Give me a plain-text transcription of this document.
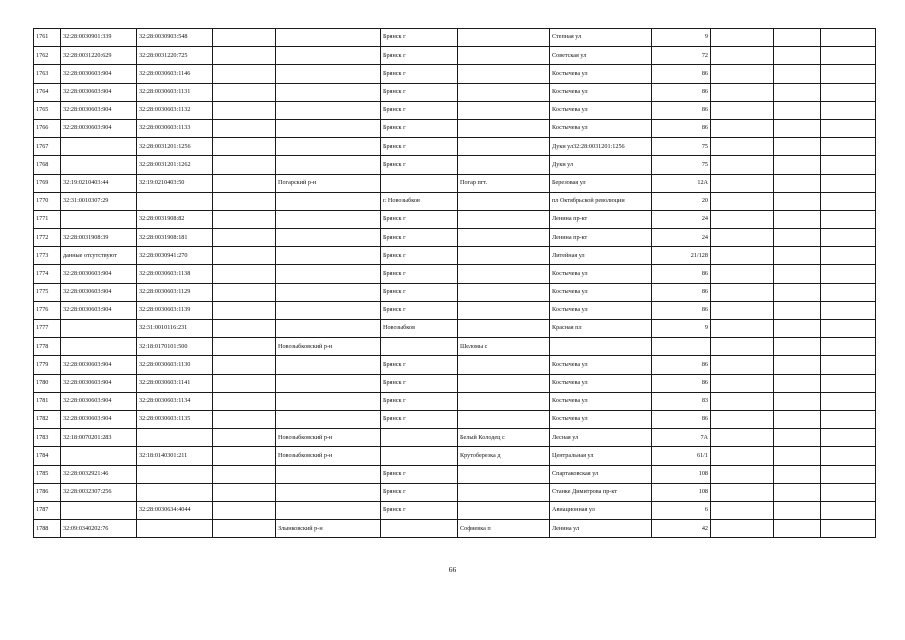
1761	32:28:0030901:339	32:28:0030903:548			Брянск г		Степная ул	9			
1762	32:28:0031220:629	32:28:0031220:725			Брянск г		Советская ул	72			
1763	32:28:0030603:904	32:28:0030603:1146			Брянск г		Костычева ул	86			
1764	32:28:0030603:904	32:28:0030603:1131			Брянск г		Костычева ул	86			
1765	32:28:0030603:904	32:28:0030603:1132			Брянск г		Костычева ул	86			
1766	32:28:0030603:904	32:28:0030603:1133			Брянск г		Костычева ул	86			
1767		32:28:0031201:1256			Брянск г		Дуки ул32:28:0031201:1256	75			
1768		32:28:0031201:1262			Брянск г		Дуки ул	75			
1769	32:19:0210403:44	32:19:0210403:50		Погарский р-н		Погар пгт.	Березовая ул	12А			
1770	32:31:0010307:29				г. Новозыбков		пл Октябрьской революции	20			
1771		32:28:0031908:82			Брянск г		Ленина пр-кт	24			
1772	32:28:0031908:39	32:28:0031908:181			Брянск г		Ленина пр-кт	24			
1773	данные отсутствуют	32:28:0030941:270			Брянск г		Литейная ул	21/128			
1774	32:28:0030603:904	32:28:0030603:1138			Брянск г		Костычева ул	86			
1775	32:28:0030603:904	32:28:0030603:1129			Брянск г		Костычева ул	86			
1776	32:28:0030603:904	32:28:0030603:1139			Брянск г		Костычева ул	86			
1777		32:31:0010116:231			Новозыбков		Красная пл	9			
1778		32:18:0170101:500		Новозыбковский р-н		Шеломы с					
1779	32:28:0030603:904	32:28:0030603:1130			Брянск г		Костычева ул	86			
1780	32:28:0030603:904	32:28:0030603:1141			Брянск г		Костычева ул	86			
1781	32:28:0030603:904	32:28:0030603:1134			Брянск г		Костычева ул	83			
1782	32:28:0030603:904	32:28:0030603:1135			Брянск г		Костычева ул	86			
1783	32:18:0070201:283			Новозыбковский р-н		Белый Колодец с	Лесная ул	7А			
1784		32:18:0140301:211		Новозыбковский р-н		Крутоберезка д	Центральная ул	61/1			
1785	32:28:0032921:46				Брянск г		Спартаковская ул	108			
1786	32:28:0032307:256				Брянск г		Станке Димитрова пр-кт	108			
1787		32:28:0030634:4044			Брянск г		Авиационная ул	6			
1788	32:09:0340202:76			Злынковский р-н		Софиевка п	Ленина ул	42			
66
